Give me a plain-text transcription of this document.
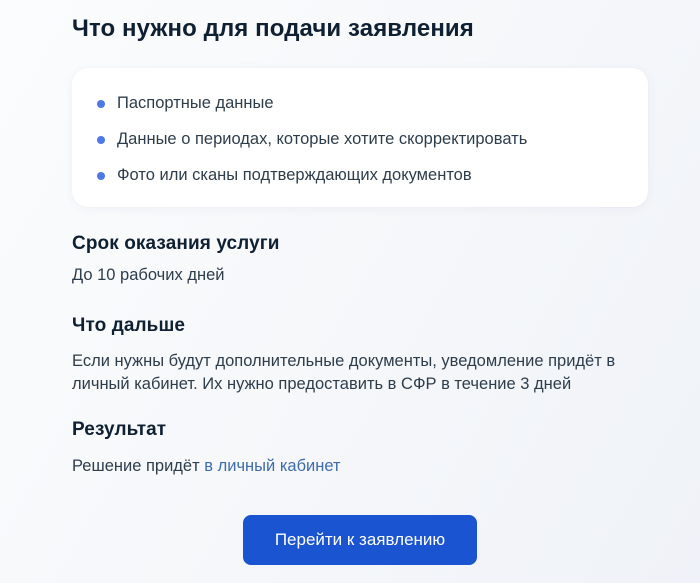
Что нужно для подачи заявления
Паспортные данные
Данные о периодах, которые хотите скорректировать
Фото или сканы подтверждающих документов
Срок оказания услуги

До 10 рабочих дней

Что дальше

Если нужны будут дополнительные документы, уведомление придёт в личный кабинет. Их нужно предоставить в СФР в течение 3 дней

Результат

Решение придёт в личный кабинет

Перейти к заявлению
